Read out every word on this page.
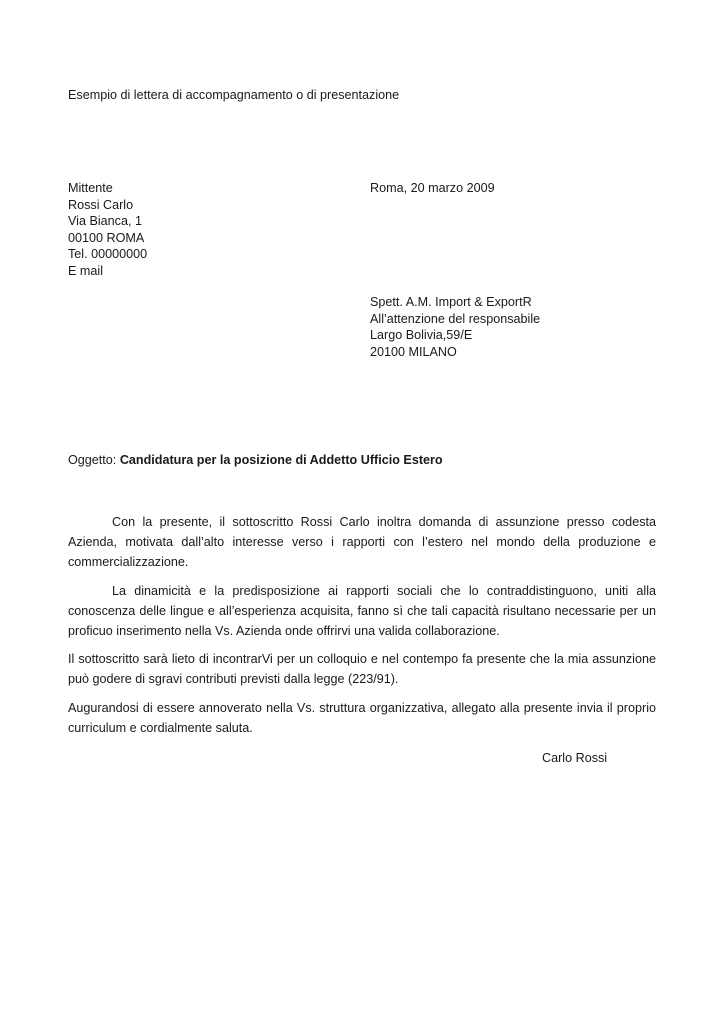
Esempio di lettera di accompagnamento o di presentazione
Mittente
Rossi Carlo
Via Bianca, 1
00100 ROMA
Tel. 00000000
E mail
Roma, 20 marzo 2009
Spett. A.M. Import & ExportR
All’attenzione del responsabile
Largo Bolivia,59/E
20100 MILANO
Oggetto: Candidatura per la posizione di Addetto Ufficio Estero

Con la presente, il sottoscritto Rossi Carlo inoltra domanda di assunzione presso codesta Azienda, motivata dall’alto interesse verso i rapporti con l’estero nel mondo della produzione e commercializzazione.

La dinamicità e la predisposizione ai rapporti sociali che lo contraddistinguono, uniti alla conoscenza delle lingue e all’esperienza acquisita, fanno sì che tali capacità risultano necessarie per un proficuo inserimento nella Vs. Azienda onde offrirvi una valida collaborazione.

Il sottoscritto sarà lieto di incontrarVi per un colloquio e nel contempo fa presente che la mia assunzione può godere di sgravi contributi previsti dalla legge (223/91).

Augurandosi di essere annoverato nella Vs. struttura organizzativa, allegato alla presente invia il proprio curriculum e cordialmente saluta.

Carlo Rossi
